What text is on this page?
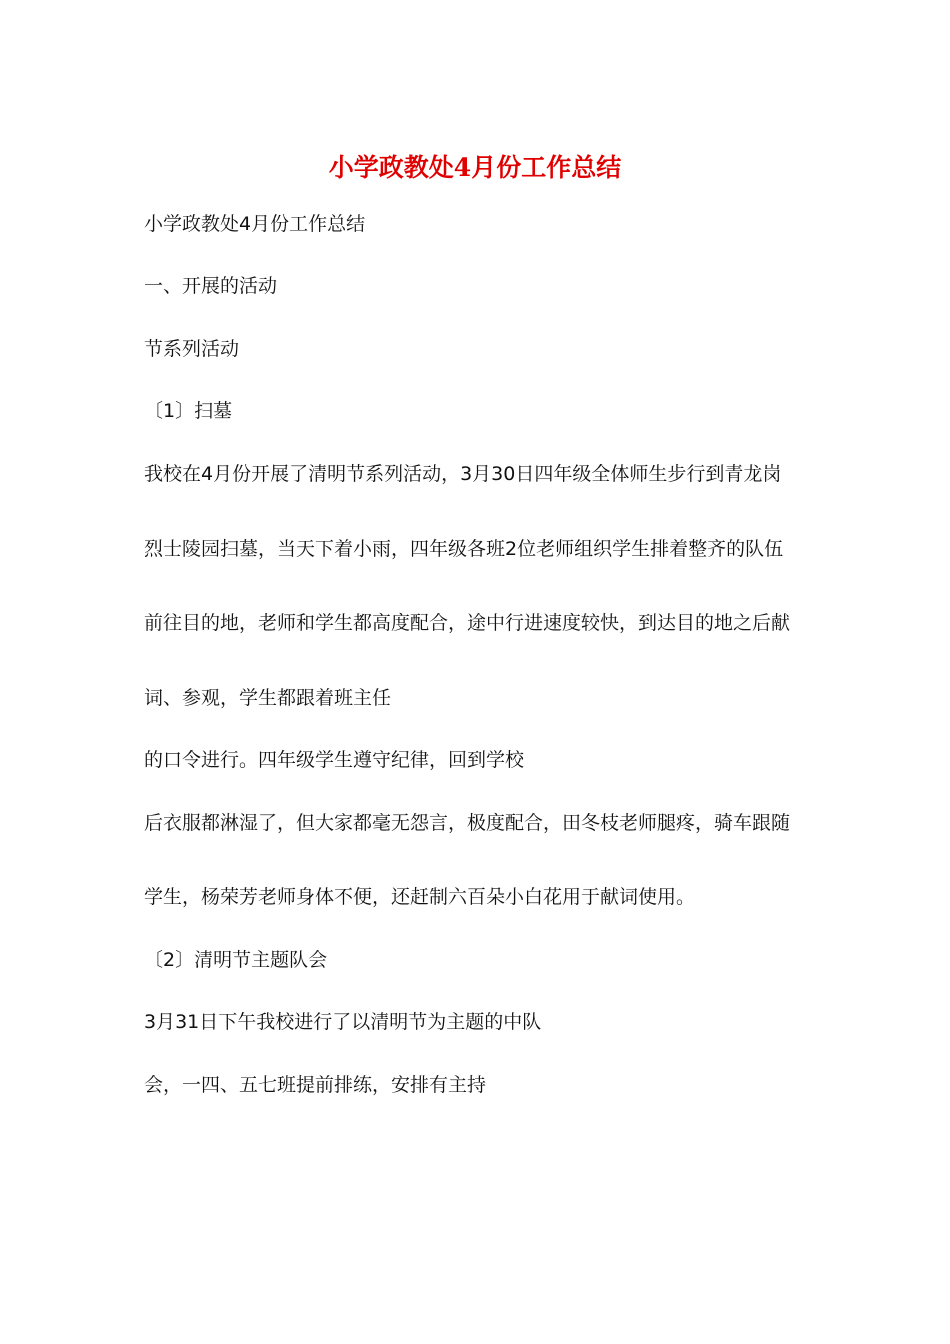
小学政教处4月份工作总结

小学政教处4月份工作总结

一、开展的活动

节系列活动

〔1〕扫墓

我校在4月份开展了清明节系列活动，3月30日四年级全体师生步行到青龙岗

烈士陵园扫墓，当天下着小雨，四年级各班2位老师组织学生排着整齐的队伍

前往目的地，老师和学生都高度配合，途中行进速度较快，到达目的地之后献

词、参观，学生都跟着班主任

的口令进行。四年级学生遵守纪律，回到学校

后衣服都淋湿了，但大家都毫无怨言，极度配合，田冬枝老师腿疼，骑车跟随

学生，杨荣芳老师身体不便，还赶制六百朵小白花用于献词使用。

〔2〕清明节主题队会

3月31日下午我校进行了以清明节为主题的中队

会，一四、五七班提前排练，安排有主持
